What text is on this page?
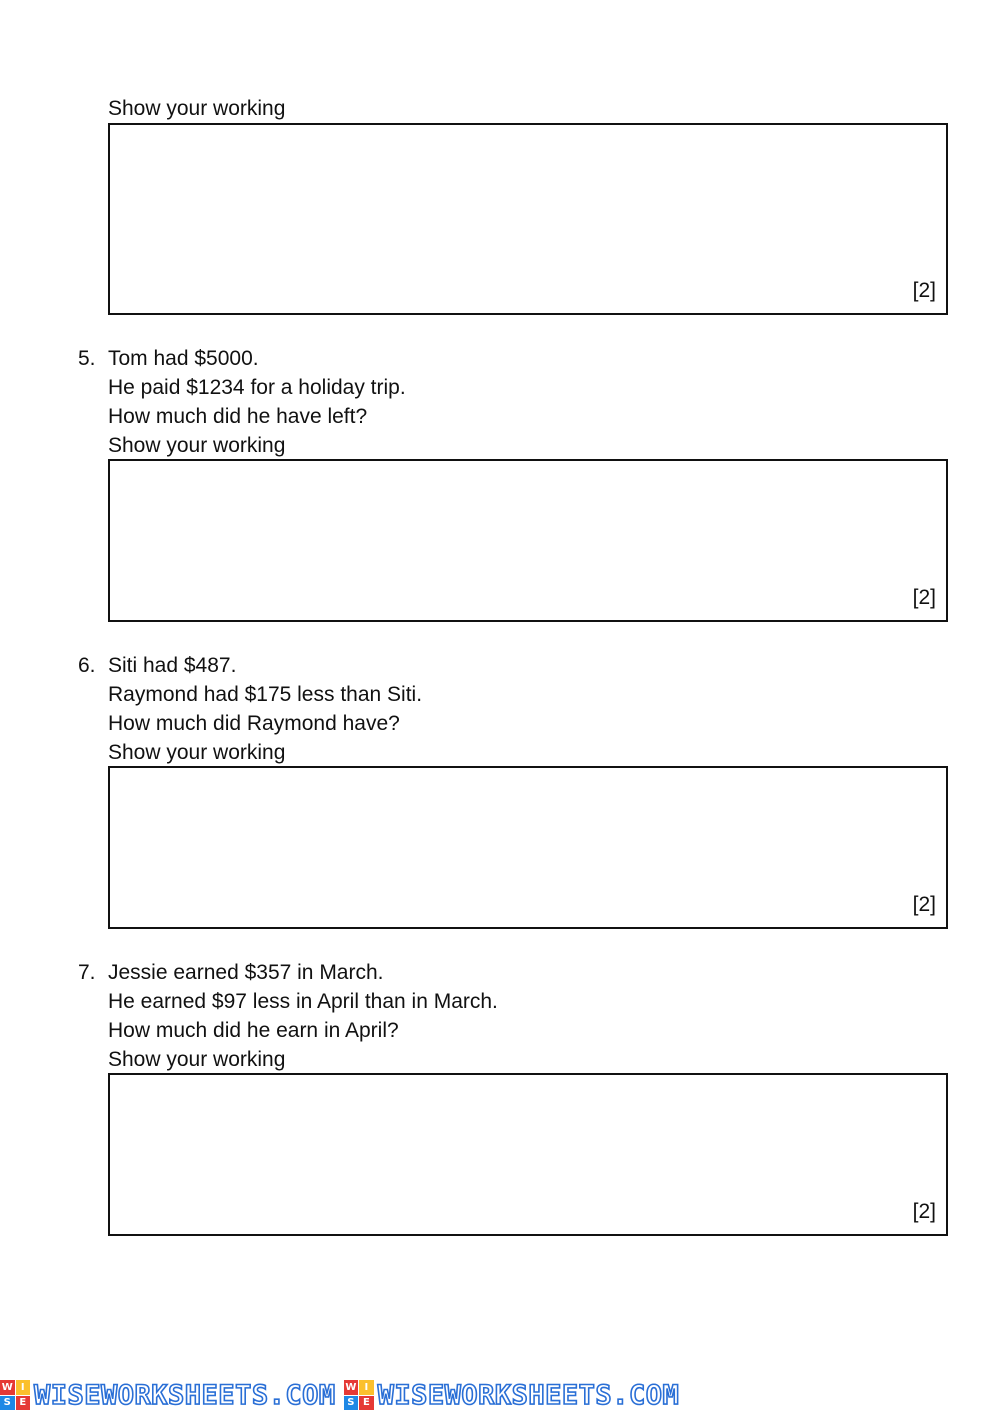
Show your working
[2]
5. Tom had $5000.
He paid $1234 for a holiday trip.
How much did he have left?
Show your working
[2]
6. Siti had $487.
Raymond had $175 less than Siti.
How much did Raymond have?
Show your working
[2]
7. Jessie earned $357 in March.
He earned $97 less in April than in March.
How much did he earn in April?
Show your working
[2]
W I
S E WISEWORKSHEETS.COM W I
S E WISEWORKSHEETS.COM
